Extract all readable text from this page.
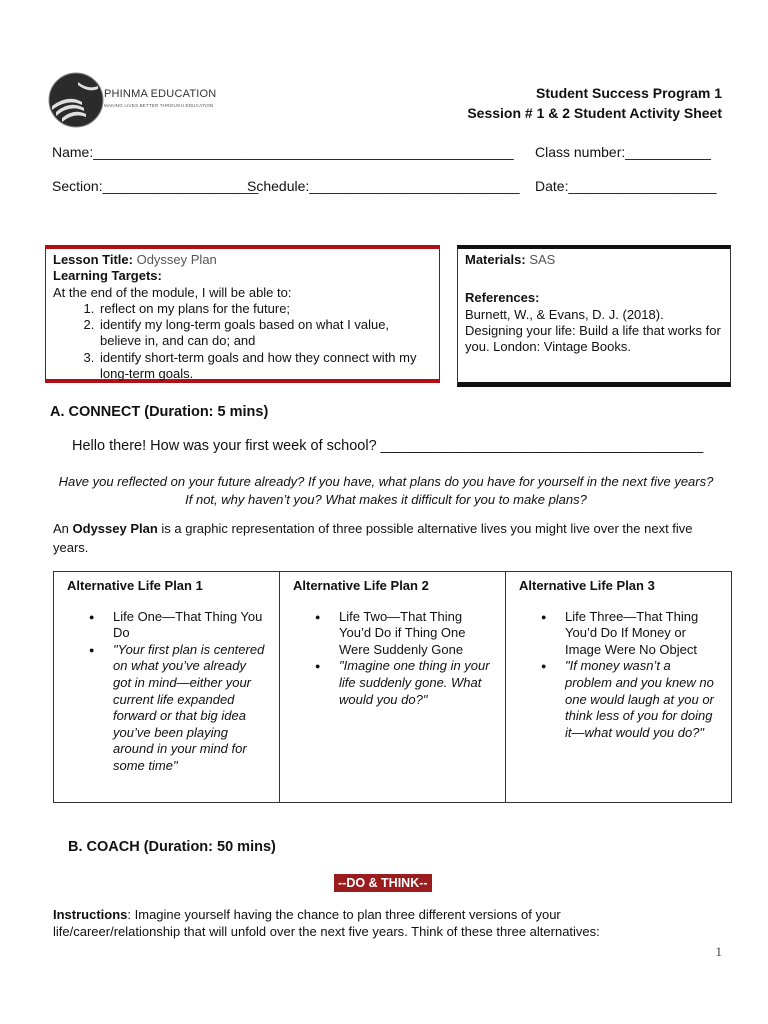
PHINMA EDUCATION
MAKING LIVES BETTER THROUGH EDUCATION
Student Success Program 1
Session # 1 & 2 Student Activity Sheet
Name:______________________________________________________ Class number:___________
Section:____________________
Schedule:___________________________ Date:___________________
Lesson Title: Odyssey Plan
Learning Targets:
At the end of the module, I will be able to:
1. reflect on my plans for the future;
2. identify my long-term goals based on what I value, believe in, and can do; and
3. identify short-term goals and how they connect with my long-term goals.
Materials: SAS
References:
Burnett, W., & Evans, D. J. (2018). Designing your life: Build a life that works for you. London: Vintage Books.
A. CONNECT (Duration: 5 mins)
Hello there! How was your first week of school? ________________________________________
Have you reflected on your future already? If you have, what plans do you have for yourself in the next five years? If not, why haven’t you? What makes it difficult for you to make plans?
An Odyssey Plan is a graphic representation of three possible alternative lives you might live over the next five years.
Alternative Life Plan 1
● Life One—That Thing You Do
● "Your first plan is centered on what you’ve already got in mind—either your current life expanded forward or that big idea you’ve been playing around in your mind for some time"

Alternative Life Plan 2
● Life Two—That Thing You’d Do if Thing One Were Suddenly Gone
● "Imagine one thing in your life suddenly gone. What would you do?"

Alternative Life Plan 3
● Life Three—That Thing You’d Do If Money or Image Were No Object
● "If money wasn’t a problem and you knew no one would laugh at you or think less of you for doing it—what would you do?"
B. COACH (Duration: 50 mins)
--DO & THINK--
Instructions: Imagine yourself having the chance to plan three different versions of your life/career/relationship that will unfold over the next five years. Think of these three alternatives:
1
